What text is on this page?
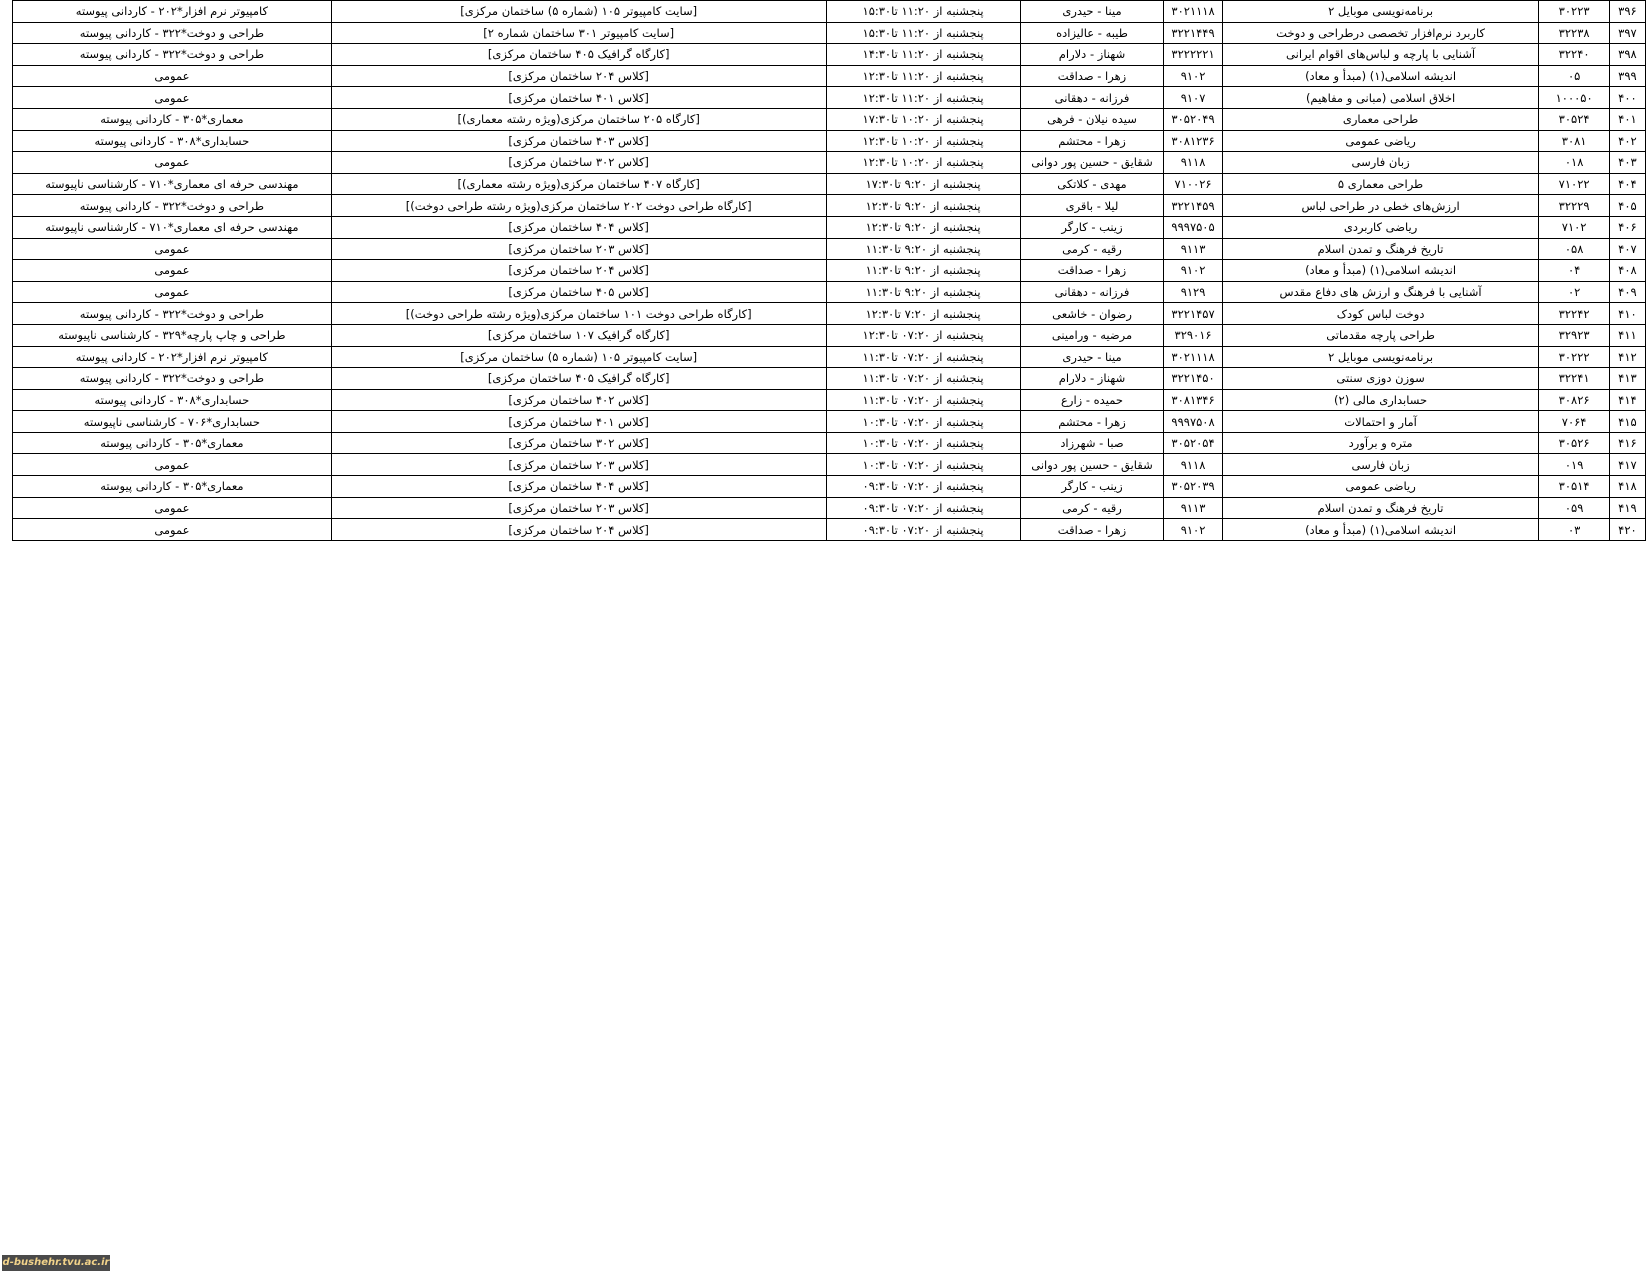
۳۹۶	۳۰۲۲۳	برنامه‌نویسی موبایل ۲	۳۰۲۱۱۱۸	مینا - حیدری	پنجشنبه از ۱۱:۲۰ تا۱۵:۳۰	[سایت کامپیوتر ۱۰۵ (شماره ۵) ساختمان مرکزی]	کامپیوتر نرم افزار*۲۰۲ - کاردانی پیوسته
۳۹۷	۳۲۲۳۸	کاربرد نرم‌افزار تخصصی درطراحی و دوخت	۳۲۲۱۴۴۹	طیبه - عالیزاده	پنجشنبه از ۱۱:۲۰ تا۱۵:۳۰	[سایت کامپیوتر ۳۰۱ ساختمان شماره ۲]	طراحی و دوخت*۳۲۲ - کاردانی پیوسته
۳۹۸	۳۲۲۴۰	آشنایی با پارچه و لباس‌های اقوام ایرانی	۳۲۲۲۲۲۱	شهناز - دلارام	پنجشنبه از ۱۱:۲۰ تا۱۴:۳۰	[کارگاه گرافیک ۴۰۵ ساختمان مرکزی]	طراحی و دوخت*۳۲۲ - کاردانی پیوسته
۳۹۹	۰۵	اندیشه اسلامی(۱) (مبدأ و معاد)	۹۱۰۲	زهرا - صداقت	پنجشنبه از ۱۱:۲۰ تا۱۲:۳۰	[کلاس ۲۰۴ ساختمان مرکزی]	عمومی
۴۰۰	۱۰۰۰۵۰	اخلاق اسلامی (مبانی و مفاهیم)	۹۱۰۷	فرزانه - دهقانی	پنجشنبه از ۱۱:۲۰ تا۱۲:۳۰	[کلاس ۴۰۱ ساختمان مرکزی]	عمومی
۴۰۱	۳۰۵۲۴	طراحی معماری	۳۰۵۲۰۴۹	سیده نیلان - فرهی	پنجشنبه از ۱۰:۲۰ تا۱۷:۳۰	[کارگاه ۲۰۵ ساختمان مرکزی(ویژه رشته معماری)]	معماری*۳۰۵ - کاردانی پیوسته
۴۰۲	۳۰۸۱	ریاضی عمومی	۳۰۸۱۲۳۶	زهرا - محتشم	پنجشنبه از ۱۰:۲۰ تا۱۲:۳۰	[کلاس ۴۰۳ ساختمان مرکزی]	حسابداری*۳۰۸ - کاردانی پیوسته
۴۰۳	۰۱۸	زبان فارسی	۹۱۱۸	شقایق - حسین پور دوانی	پنجشنبه از ۱۰:۲۰ تا۱۲:۳۰	[کلاس ۳۰۲ ساختمان مرکزی]	عمومی
۴۰۴	۷۱۰۲۲	طراحی معماری ۵	۷۱۰۰۲۶	مهدی - کلاتکی	پنجشنبه از ۹:۲۰ تا۱۷:۳۰	[کارگاه ۴۰۷ ساختمان مرکزی(ویژه رشته معماری)]	مهندسی حرفه ای معماری*۷۱۰ - کارشناسی ناپیوسته
۴۰۵	۳۲۲۲۹	ارزش‌های خطی در طراحی لباس	۳۲۲۱۴۵۹	لیلا - باقری	پنجشنبه از ۹:۲۰ تا۱۲:۳۰	[کارگاه طراحی دوخت ۲۰۲ ساختمان مرکزی(ویژه رشته طراحی دوخت)]	طراحی و دوخت*۳۲۲ - کاردانی پیوسته
۴۰۶	۷۱۰۲	ریاضی کاربردی	۹۹۹۷۵۰۵	زینب - کارگر	پنجشنبه از ۹:۲۰ تا۱۲:۳۰	[کلاس ۴۰۴ ساختمان مرکزی]	مهندسی حرفه ای معماری*۷۱۰ - کارشناسی ناپیوسته
۴۰۷	۰۵۸	تاریخ فرهنگ و تمدن اسلام	۹۱۱۳	رقیه - کرمی	پنجشنبه از ۹:۲۰ تا۱۱:۳۰	[کلاس ۲۰۳ ساختمان مرکزی]	عمومی
۴۰۸	۰۴	اندیشه اسلامی(۱) (مبدأ و معاد)	۹۱۰۲	زهرا - صداقت	پنجشنبه از ۹:۲۰ تا۱۱:۳۰	[کلاس ۲۰۴ ساختمان مرکزی]	عمومی
۴۰۹	۰۲	آشنایی با فرهنگ و ارزش های دفاع مقدس	۹۱۲۹	فرزانه - دهقانی	پنجشنبه از ۹:۲۰ تا۱۱:۳۰	[کلاس ۴۰۵ ساختمان مرکزی]	عمومی
۴۱۰	۳۲۲۴۲	دوخت لباس کودک	۳۲۲۱۴۵۷	رضوان - خاشعی	پنجشنبه از ۷:۲۰ تا۱۲:۳۰	[کارگاه طراحی دوخت ۱۰۱ ساختمان مرکزی(ویژه رشته طراحی دوخت)]	طراحی و دوخت*۳۲۲ - کاردانی پیوسته
۴۱۱	۳۲۹۲۳	طراحی پارچه مقدماتی	۳۲۹۰۱۶	مرضیه - ورامینی	پنجشنبه از ۰۷:۲۰ تا۱۲:۳۰	[کارگاه گرافیک ۱۰۷ ساختمان مرکزی]	طراحی و چاپ پارچه*۳۲۹ - کارشناسی ناپیوسته
۴۱۲	۳۰۲۲۲	برنامه‌نویسی موبایل ۲	۳۰۲۱۱۱۸	مینا - حیدری	پنجشنبه از ۰۷:۲۰ تا۱۱:۳۰	[سایت کامپیوتر ۱۰۵ (شماره ۵) ساختمان مرکزی]	کامپیوتر نرم افزار*۲۰۲ - کاردانی پیوسته
۴۱۳	۳۲۲۴۱	سوزن دوزی سنتی	۳۲۲۱۴۵۰	شهناز - دلارام	پنجشنبه از ۰۷:۲۰ تا۱۱:۳۰	[کارگاه گرافیک ۴۰۵ ساختمان مرکزی]	طراحی و دوخت*۳۲۲ - کاردانی پیوسته
۴۱۴	۳۰۸۲۶	حسابداری مالی (۲)	۳۰۸۱۳۴۶	حمیده - زارع	پنجشنبه از ۰۷:۲۰ تا۱۱:۳۰	[کلاس ۴۰۲ ساختمان مرکزی]	حسابداری*۳۰۸ - کاردانی پیوسته
۴۱۵	۷۰۶۴	آمار و احتمالات	۹۹۹۷۵۰۸	زهرا - محتشم	پنجشنبه از ۰۷:۲۰ تا۱۰:۳۰	[کلاس ۴۰۱ ساختمان مرکزی]	حسابداری*۷۰۶ - کارشناسی ناپیوسته
۴۱۶	۳۰۵۲۶	متره و برآورد	۳۰۵۲۰۵۴	صبا - شهرزاد	پنجشنبه از ۰۷:۲۰ تا۱۰:۳۰	[کلاس ۳۰۲ ساختمان مرکزی]	معماری*۳۰۵ - کاردانی پیوسته
۴۱۷	۰۱۹	زبان فارسی	۹۱۱۸	شقایق - حسین پور دوانی	پنجشنبه از ۰۷:۲۰ تا۱۰:۳۰	[کلاس ۲۰۳ ساختمان مرکزی]	عمومی
۴۱۸	۳۰۵۱۴	ریاضی عمومی	۳۰۵۲۰۳۹	زینب - کارگر	پنجشنبه از ۰۷:۲۰ تا۰۹:۳۰	[کلاس ۴۰۴ ساختمان مرکزی]	معماری*۳۰۵ - کاردانی پیوسته
۴۱۹	۰۵۹	تاریخ فرهنگ و تمدن اسلام	۹۱۱۳	رقیه - کرمی	پنجشنبه از ۰۷:۲۰ تا۰۹:۳۰	[کلاس ۲۰۳ ساختمان مرکزی]	عمومی
۴۲۰	۰۳	اندیشه اسلامی(۱) (مبدأ و معاد)	۹۱۰۲	زهرا - صداقت	پنجشنبه از ۰۷:۲۰ تا۰۹:۳۰	[کلاس ۲۰۴ ساختمان مرکزی]	عمومی
d-bushehr.tvu.ac.ir
